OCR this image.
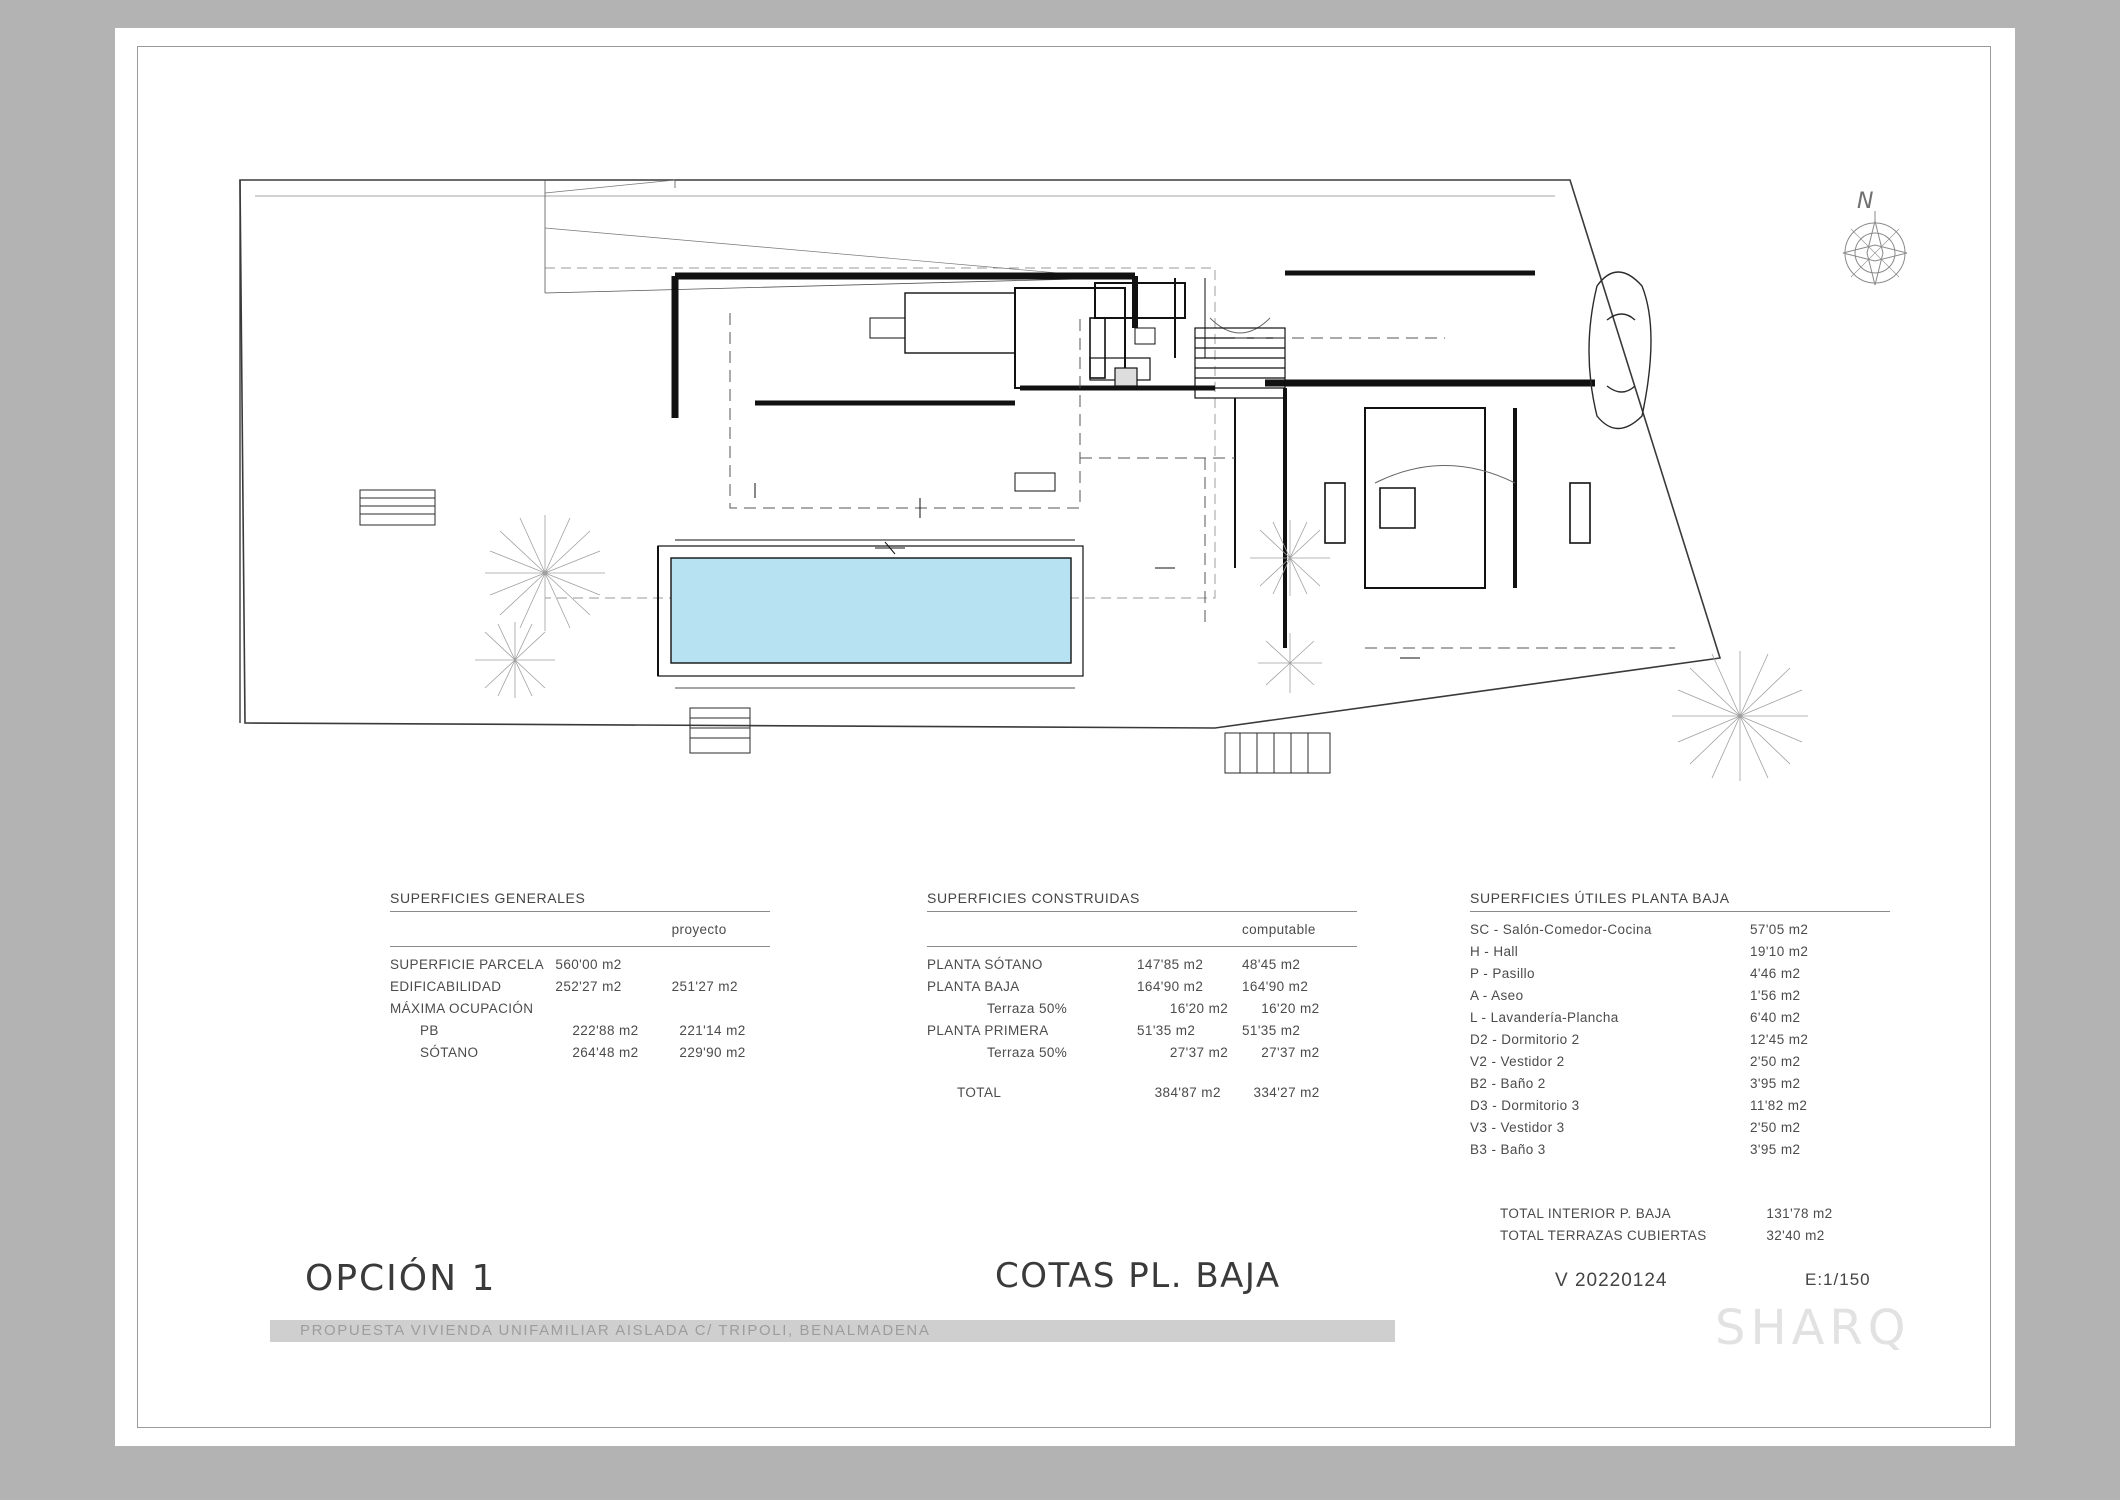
N
SUPERFICIES GENERALES
proyecto
SUPERFICIE PARCELA 560'00 m2
EDIFICABILIDAD	252'27 m2	251'27 m2
MÁXIMA OCUPACIÓN
PB	222'88 m2	221'14 m2
SÓTANO	264'48 m2	229'90 m2
SUPERFICIES CONSTRUIDAS
computable
PLANTA SÓTANO	147'85 m2	48'45 m2
PLANTA BAJA	164'90 m2	164'90 m2
Terraza 50%	16'20 m2	16'20 m2
PLANTA PRIMERA	51'35 m2	51'35 m2
Terraza 50%	27'37 m2	27'37 m2
TOTAL	384'87 m2	334'27 m2
SUPERFICIES ÚTILES PLANTA BAJA
SC - Salón-Comedor-Cocina	57'05 m2
H - Hall	19'10 m2
P - Pasillo	4'46 m2
A - Aseo	1'56 m2
L - Lavandería-Plancha	6'40 m2
D2 - Dormitorio 2	12'45 m2
V2 - Vestidor 2	2'50 m2
B2 - Baño 2	3'95 m2
D3 - Dormitorio 3	11'82 m2
V3 - Vestidor 3	2'50 m2
B3 - Baño 3	3'95 m2
TOTAL INTERIOR P. BAJA	131'78 m2
TOTAL TERRAZAS CUBIERTAS	32'40 m2
OPCIÓN 1	COTAS PL. BAJA	V 20220124	E:1/150
PROPUESTA VIVIENDA UNIFAMILIAR AISLADA C/ TRIPOLI, BENALMADENA	SHARQ
